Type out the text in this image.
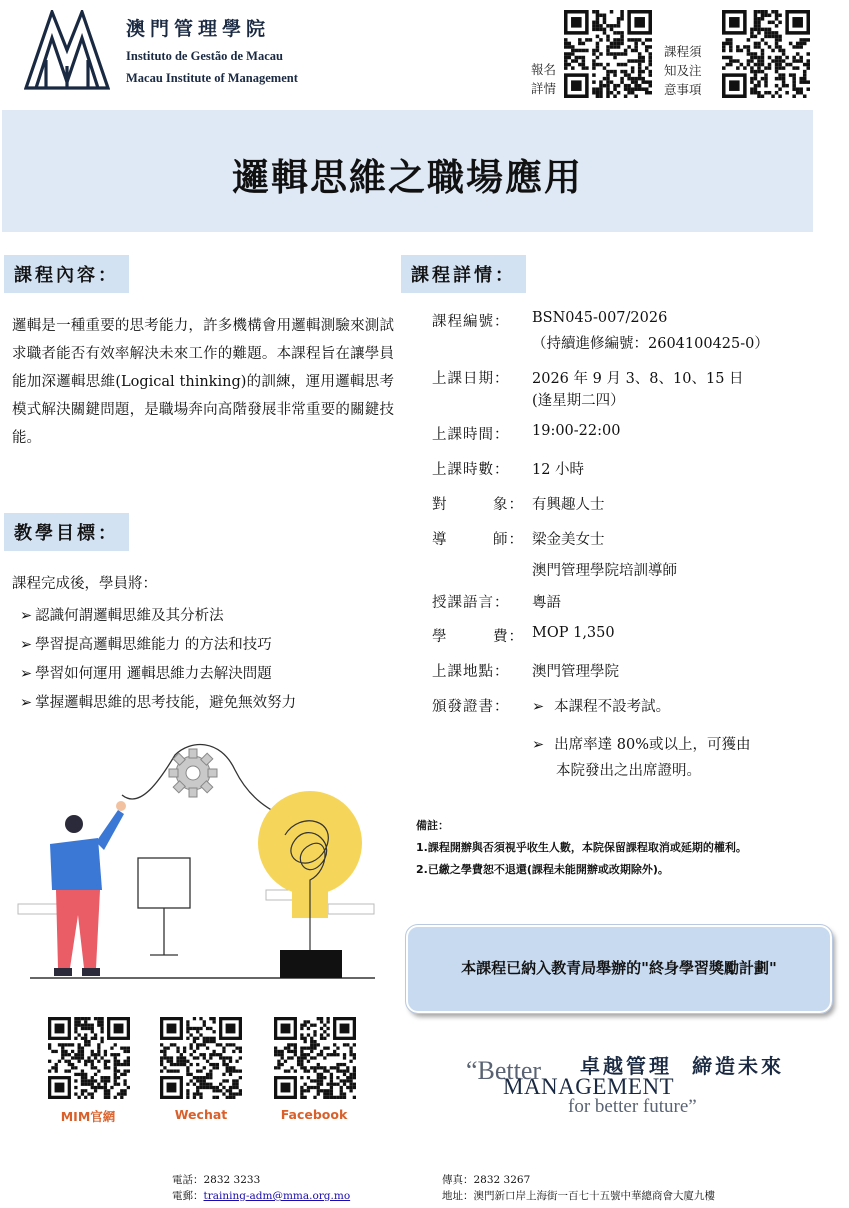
澳門管理學院
Instituto de Gestão de Macau
Macau Institute of Management
報名
詳情
課程須
知及注
意事項
邏輯思維之職場應用
課程內容：
邏輯是一種重要的思考能力，許多機構會用邏輯測驗來測試求職者能否有效率解決未來工作的難題。本課程旨在讓學員能加深邏輯思維(Logical thinking)的訓練，運用邏輯思考模式解決關鍵問題，是職場奔向高階發展非常重要的關鍵技能。
教學目標：
課程完成後，學員將：
➢ 認識何謂邏輯思維及其分析法
➢ 學習提高邏輯思維能力 的方法和技巧
➢ 學習如何運用 邏輯思維力去解決問題
➢ 掌握邏輯思維的思考技能，避免無效努力
課程詳情：
課程編號：	BSN045-007/2026
（持續進修編號：2604100425-0）
上課日期：	2026 年 9 月 3、8、10、15 日
(逢星期二四）
上課時間：	19:00-22:00
上課時數：	12 小時
對	象： 有興趣人士
導	師： 梁金美女士
澳門管理學院培訓導師
授課語言：	粵語
學	費： MOP 1,350
上課地點：	澳門管理學院
頒發證書：	➢ 本課程不設考試。
➢ 出席率達 80%或以上，可獲由
本院發出之出席證明。
備註：
1.課程開辦與否須視乎收生人數，本院保留課程取消或延期的權利。
2.已繳之學費恕不退還(課程未能開辦或改期除外)。
本課程已納入教青局舉辦的"終身學習獎勵計劃"
MIM官網	Wechat	Facebook
卓越管理 締造未來
“Better
MANAGEMENT
for better future”
電話：2832 3233
電郵：training-adm@mma.org.mo
傳真：2832 3267
地址：澳門新口岸上海街一百七十五號中華總商會大廈九樓
